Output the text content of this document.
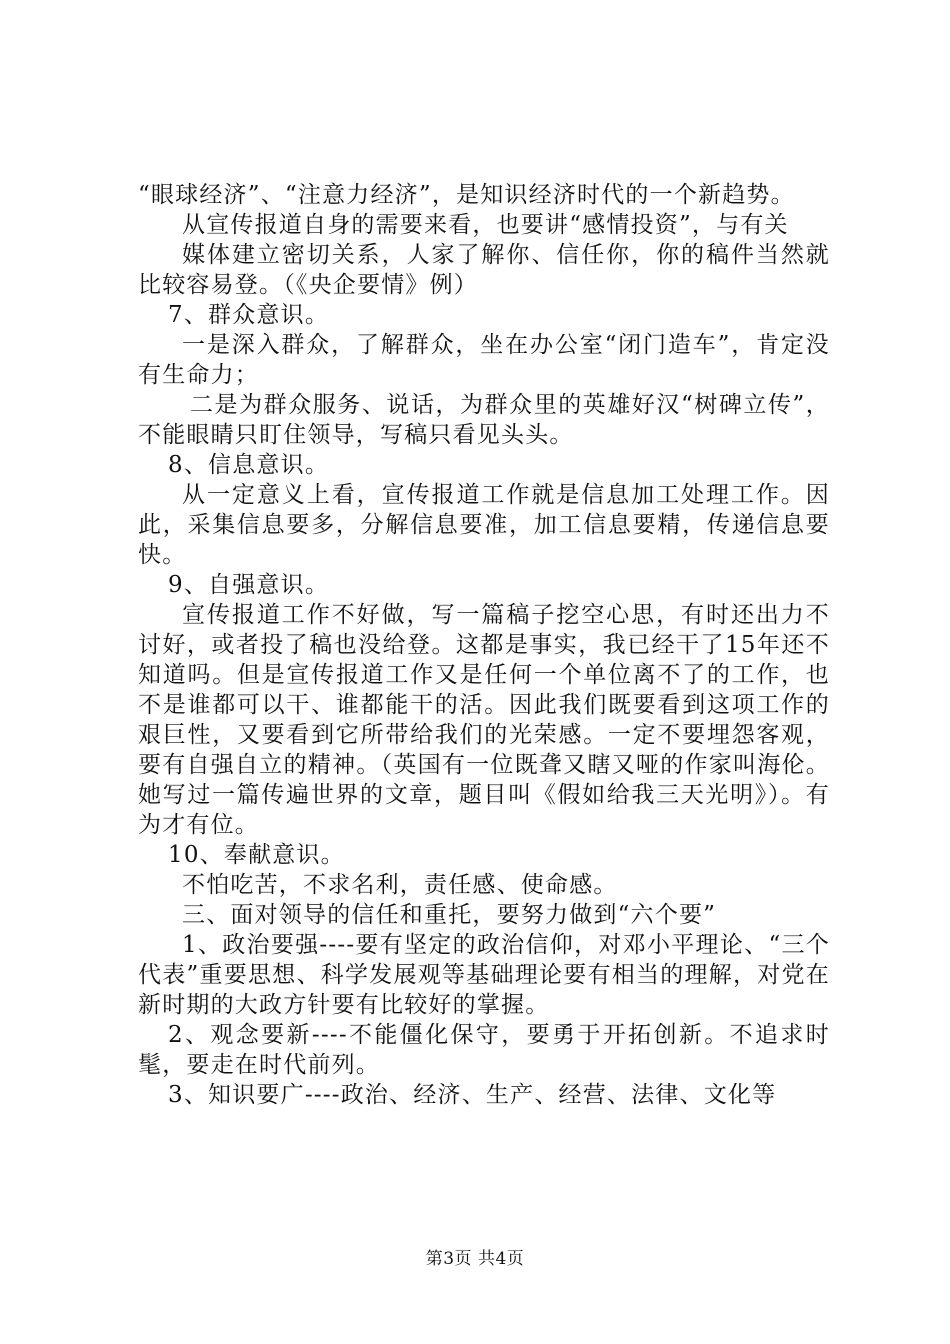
“眼球经济”、“注意力经济”，是知识经济时代的一个新趋势。

从宣传报道自身的需要来看，也要讲“感情投资”，与有关

媒体建立密切关系，人家了解你、信任你，你的稿件当然就比较容易登。（《央企要情》例）

7、群众意识。

一是深入群众，了解群众，坐在办公室“闭门造车”，肯定没有生命力；

二是为群众服务、说话，为群众里的英雄好汉“树碑立传”，不能眼睛只盯住领导，写稿只看见头头。

8、信息意识。

从一定意义上看，宣传报道工作就是信息加工处理工作。因此，采集信息要多，分解信息要准，加工信息要精，传递信息要快。

9、自强意识。

宣传报道工作不好做，写一篇稿子挖空心思，有时还出力不讨好，或者投了稿也没给登。这都是事实，我已经干了15年还不知道吗。但是宣传报道工作又是任何一个单位离不了的工作，也不是谁都可以干、谁都能干的活。因此我们既要看到这项工作的艰巨性，又要看到它所带给我们的光荣感。一定不要埋怨客观，要有自强自立的精神。（英国有一位既聋又瞎又哑的作家叫海伦。她写过一篇传遍世界的文章，题目叫《假如给我三天光明》）。有为才有位。

10、奉献意识。

不怕吃苦，不求名利，责任感、使命感。

三、面对领导的信任和重托，要努力做到“六个要”

1、政治要强----要有坚定的政治信仰，对邓小平理论、“三个代表”重要思想、科学发展观等基础理论要有相当的理解，对党在新时期的大政方针要有比较好的掌握。

2、观念要新----不能僵化保守，要勇于开拓创新。不追求时髦，要走在时代前列。

3、知识要广----政治、经济、生产、经营、法律、文化等

第3页 共4页
